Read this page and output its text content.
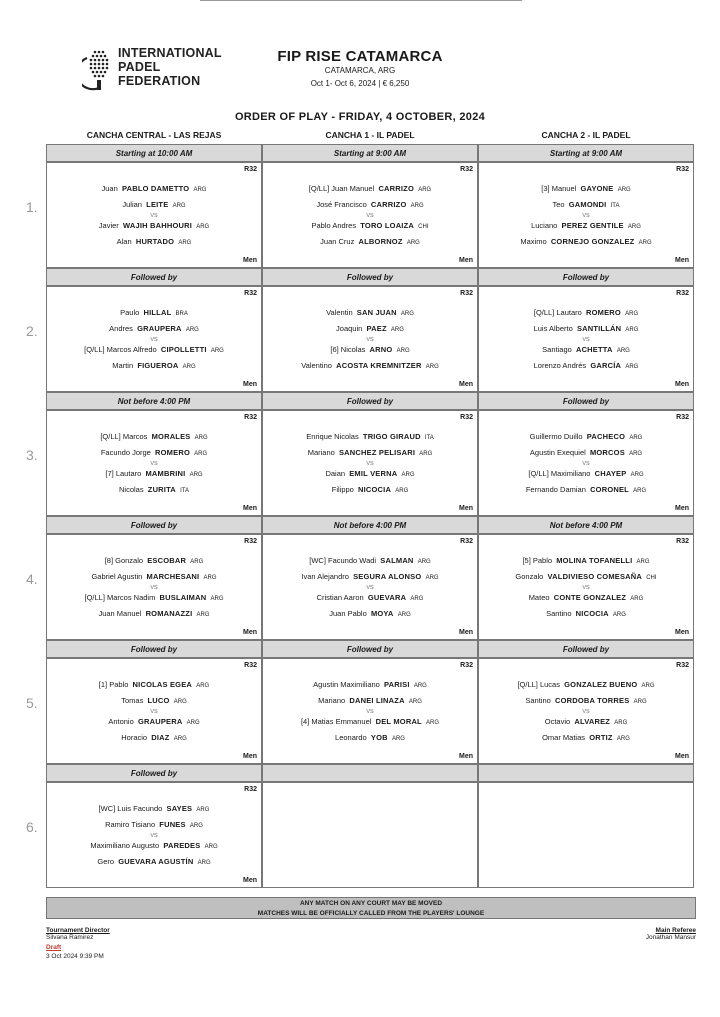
INTERNATIONAL
PADEL
FEDERATION
FIP RISE CATAMARCA
CATAMARCA, ARG
Oct 1- Oct 6, 2024 | € 6,250
ORDER OF PLAY - FRIDAY, 4 OCTOBER, 2024
CANCHA CENTRAL - LAS REJAS	CANCHA 1 - IL PADEL	CANCHA 2 - IL PADEL
Starting at 10:00 AM
R32
Men
Juan PABLO DAMETTO ARG
Julian LEITE ARG
Javier WAJIH BAHHOURI ARG
Alan HURTADO ARG
VS
Starting at 9:00 AM
R32
Men
[Q/LL] Juan Manuel CARRIZO ARG
José Francisco CARRIZO ARG
Pablo Andres TORO LOAIZA CHI
Juan Cruz ALBORNOZ ARG
VS
Starting at 9:00 AM
R32
Men
[3] Manuel GAYONE ARG
Teo GAMONDI ITA
Luciano PEREZ GENTILE ARG
Maximo CORNEJO GONZALEZ ARG
VS
Followed by
R32
Men
Paulo HILLAL BRA
Andres GRAUPERA ARG
[Q/LL] Marcos Alfredo CIPOLLETTI ARG
Martin FIGUEROA ARG
VS
Followed by
R32
Men
Valentin SAN JUAN ARG
Joaquin PAEZ ARG
[6] Nicolas ARNO ARG
Valentino ACOSTA KREMNITZER ARG
VS
Followed by
R32
Men
[Q/LL] Lautaro ROMERO ARG
Luis Alberto SANTILLÁN ARG
Santiago ACHETTA ARG
Lorenzo Andrés GARCÍA ARG
VS
Not before 4:00 PM
R32
Men
[Q/LL] Marcos MORALES ARG
Facundo Jorge ROMERO ARG
[7] Lautaro MAMBRINI ARG
Nicolas ZURITA ITA
VS
Followed by
R32
Men
Enrique Nicolas TRIGO GIRAUD ITA
Mariano SANCHEZ PELISARI ARG
Daian EMIL VERNA ARG
Filippo NICOCIA ARG
VS
Followed by
R32
Men
Guillermo Duillo PACHECO ARG
Agustin Exequiel MORCOS ARG
[Q/LL] Maximiliano CHAYEP ARG
Fernando Damian CORONEL ARG
VS
Followed by
R32
Men
[8] Gonzalo ESCOBAR ARG
Gabriel Agustin MARCHESANI ARG
[Q/LL] Marcos Nadim BUSLAIMAN ARG
Juan Manuel ROMANAZZI ARG
VS
Not before 4:00 PM
R32
Men
[WC] Facundo Wadi SALMAN ARG
Ivan Alejandro SEGURA ALONSO ARG
Cristian Aaron GUEVARA ARG
Juan Pablo MOYA ARG
VS
Not before 4:00 PM
R32
Men
[5] Pablo MOLINA TOFANELLI ARG
Gonzalo VALDIVIESO COMESAÑA CHI
Mateo CONTE GONZALEZ ARG
Santino NICOCIA ARG
VS
Followed by
R32
Men
[1] Pablo NICOLAS EGEA ARG
Tomas LUCO ARG
Antonio GRAUPERA ARG
Horacio DIAZ ARG
VS
Followed by
R32
Men
Agustin Maximiliano PARISI ARG
Mariano DANEI LINAZA ARG
[4] Matias Emmanuel DEL MORAL ARG
Leonardo YOB ARG
VS
Followed by
R32
Men
[Q/LL] Lucas GONZALEZ BUENO ARG
Santino CORDOBA TORRES ARG
Octavio ALVAREZ ARG
Omar Matias ORTIZ ARG
VS
Followed by
R32
Men
[WC] Luis Facundo SAYES ARG
Ramiro Tisiano FUNES ARG
Maximiliano Augusto PAREDES ARG
Gero GUEVARA AGUSTÍN ARG
VS
ANY MATCH ON ANY COURT MAY BE MOVED
MATCHES WILL BE OFFICIALLY CALLED FROM THE PLAYERS' LOUNGE
Tournament Director
Silvana Ramirez
Draft
3 Oct 2024 9:39 PM
Main Referee
Jonathan Mansur
1.
2.
3.
4.
5.
6.
